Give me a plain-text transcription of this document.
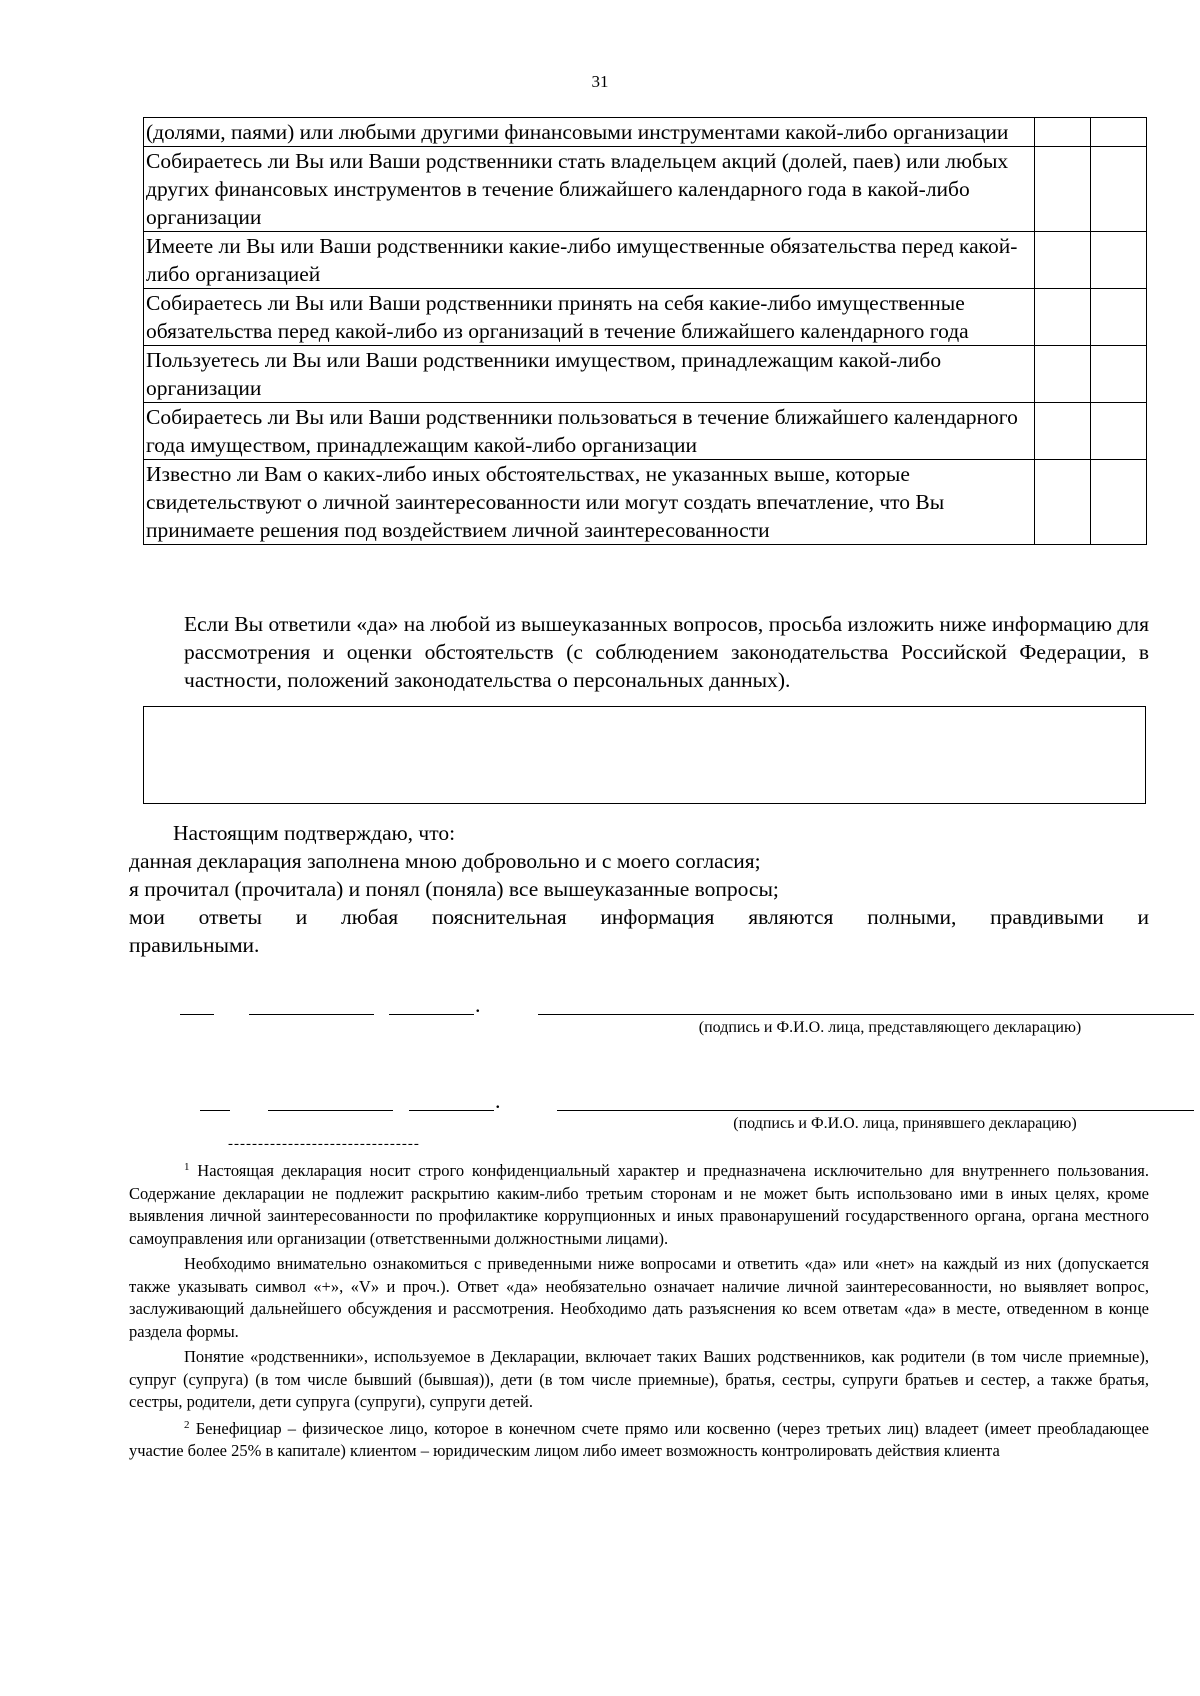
31
(долями, паями) или любыми другими финансовыми инструментами какой-либо организации		
Собираетесь ли Вы или Ваши родственники стать владельцем акций (долей, паев) или любых других финансовых инструментов в течение ближайшего календарного года в какой-либо организации		
Имеете ли Вы или Ваши родственники какие-либо имущественные обязательства перед какой-либо организацией		
Собираетесь ли Вы или Ваши родственники принять на себя какие-либо имущественные обязательства перед какой-либо из организаций в течение ближайшего календарного года		
Пользуетесь ли Вы или Ваши родственники имуществом, принадлежащим какой-либо организации		
Собираетесь ли Вы или Ваши родственники пользоваться в течение ближайшего календарного года имуществом, принадлежащим какой-либо организации		
Известно ли Вам о каких-либо иных обстоятельствах, не указанных выше, которые свидетельствуют о личной заинтересованности или могут создать впечатление, что Вы принимаете решения под воздействием личной заинтересованности		
Если Вы ответили «да» на любой из вышеуказанных вопросов, просьба изложить ниже информацию для рассмотрения и оценки обстоятельств (с соблюдением законодательства Российской Федерации, в частности, положений законодательства о персональных данных).
Настоящим подтверждаю, что:
данная декларация заполнена мною добровольно и с моего согласия;
я прочитал (прочитала) и понял (поняла) все вышеуказанные вопросы;
мои ответы и любая пояснительная информация являются полными, правдивыми и
правильными.
.
(подпись и Ф.И.О. лица, представляющего декларацию)
.
(подпись и Ф.И.О. лица, принявшего декларацию)
--------------------------------

$^1$ Настоящая декларация носит строго конфиденциальный характер и предназначена исключительно для внутреннего пользования. Содержание декларации не подлежит раскрытию каким-либо третьим сторонам и не может быть использовано ими в иных целях, кроме выявления личной заинтересованности по профилактике коррупционных и иных правонарушений государственного органа, органа местного самоуправления или организации (ответственными должностными лицами).

Необходимо внимательно ознакомиться с приведенными ниже вопросами и ответить «да» или «нет» на каждый из них (допускается также указывать символ «+», «V» и проч.). Ответ «да» необязательно означает наличие личной заинтересованности, но выявляет вопрос, заслуживающий дальнейшего обсуждения и рассмотрения. Необходимо дать разъяснения ко всем ответам «да» в месте, отведенном в конце раздела формы.

Понятие «родственники», используемое в Декларации, включает таких Ваших родственников, как родители (в том числе приемные), супруг (супруга) (в том числе бывший (бывшая)), дети (в том числе приемные), братья, сестры, супруги братьев и сестер, а также братья, сестры, родители, дети супруга (супруги), супруги детей.

$^2$ Бенефициар – физическое лицо, которое в конечном счете прямо или косвенно (через третьих лиц) владеет (имеет преобладающее участие более 25% в капитале) клиентом – юридическим лицом либо имеет возможность контролировать действия клиента
